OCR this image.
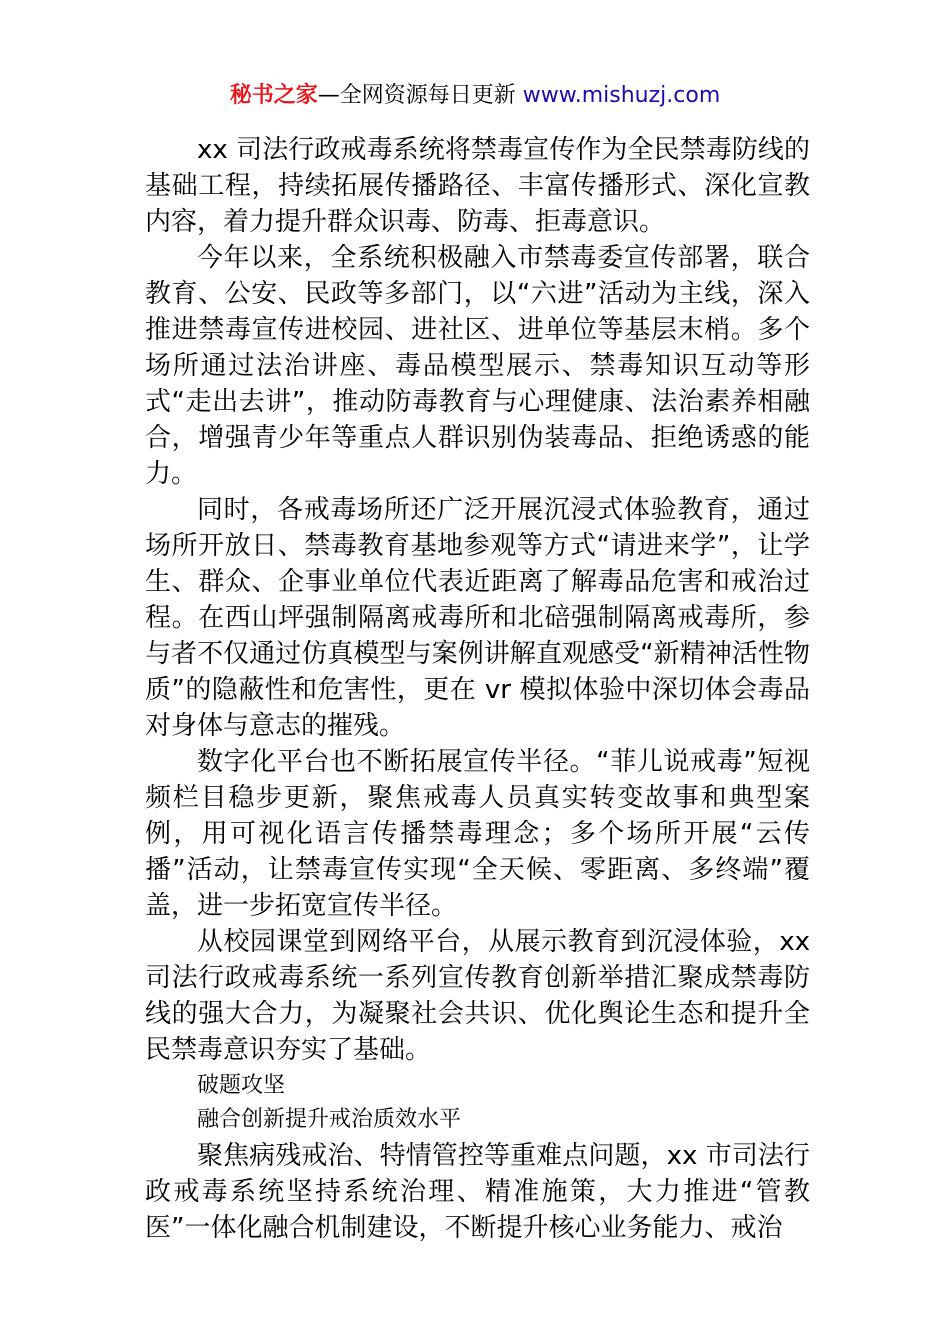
秘书之家—全网资源每日更新 www.mishuzj.com

xx 司法行政戒毒系统将禁毒宣传作为全民禁毒防线的基础工程，持续拓展传播路径、丰富传播形式、深化宣教内容，着力提升群众识毒、防毒、拒毒意识。

今年以来，全系统积极融入市禁毒委宣传部署，联合教育、公安、民政等多部门，以“六进”活动为主线，深入推进禁毒宣传进校园、进社区、进单位等基层末梢。多个场所通过法治讲座、毒品模型展示、禁毒知识互动等形式“走出去讲”，推动防毒教育与心理健康、法治素养相融合，增强青少年等重点人群识别伪装毒品、拒绝诱惑的能力。

同时，各戒毒场所还广泛开展沉浸式体验教育，通过场所开放日、禁毒教育基地参观等方式“请进来学”，让学生、群众、企事业单位代表近距离了解毒品危害和戒治过程。在西山坪强制隔离戒毒所和北碚强制隔离戒毒所，参与者不仅通过仿真模型与案例讲解直观感受“新精神活性物质”的隐蔽性和危害性，更在 vr 模拟体验中深切体会毒品对身体与意志的摧残。

数字化平台也不断拓展宣传半径。“菲儿说戒毒”短视频栏目稳步更新，聚焦戒毒人员真实转变故事和典型案例，用可视化语言传播禁毒理念；多个场所开展“云传播”活动，让禁毒宣传实现“全天候、零距离、多终端”覆盖，进一步拓宽宣传半径。

从校园课堂到网络平台，从展示教育到沉浸体验，xx 司法行政戒毒系统一系列宣传教育创新举措汇聚成禁毒防线的强大合力，为凝聚社会共识、优化舆论生态和提升全民禁毒意识夯实了基础。

破题攻坚

融合创新提升戒治质效水平

聚焦病残戒治、特情管控等重难点问题，xx 市司法行政戒毒系统坚持系统治理、精准施策，大力推进“管教医”一体化融合机制建设，不断提升核心业务能力、戒治
